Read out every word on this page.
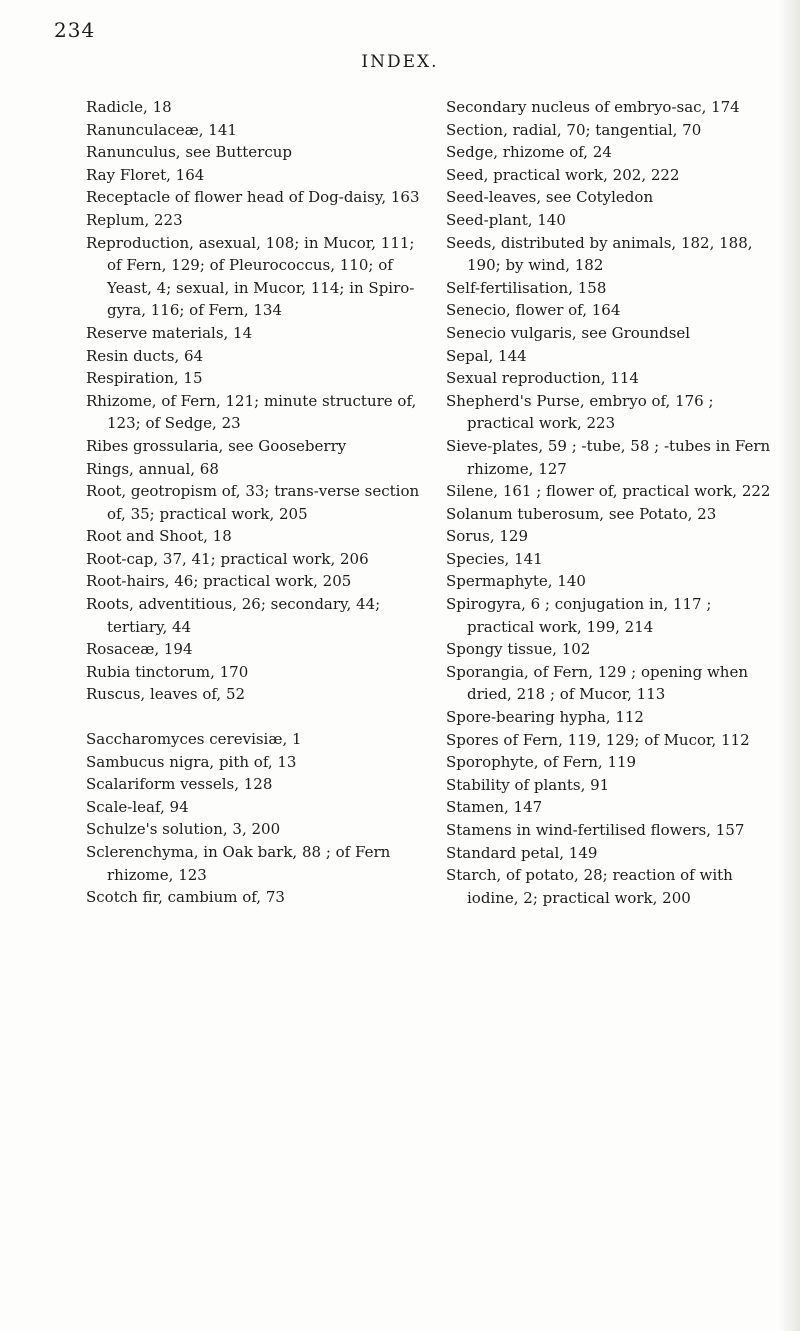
234

INDEX.
Radicle, 18
Ranunculaceæ, 141
Ranunculus, see Buttercup
Ray Floret, 164
Receptacle of flower head of Dog-daisy, 163
Replum, 223
Reproduction, asexual, 108; in Mucor, 111; of Fern, 129; of Pleurococcus, 110; of Yeast, 4; sexual, in Mucor, 114; in Spiro-gyra, 116; of Fern, 134
Reserve materials, 14
Resin ducts, 64
Respiration, 15
Rhizome, of Fern, 121; minute structure of, 123; of Sedge, 23
Ribes grossularia, see Gooseberry
Rings, annual, 68
Root, geotropism of, 33; trans-verse section of, 35; practical work, 205
Root and Shoot, 18
Root-cap, 37, 41; practical work, 206
Root-hairs, 46; practical work, 205
Roots, adventitious, 26; secondary, 44; tertiary, 44
Rosaceæ, 194
Rubia tinctorum, 170
Ruscus, leaves of, 52
Saccharomyces cerevisiæ, 1
Sambucus nigra, pith of, 13
Scalariform vessels, 128
Scale-leaf, 94
Schulze's solution, 3, 200
Sclerenchyma, in Oak bark, 88 ; of Fern rhizome, 123
Scotch fir, cambium of, 73
Secondary nucleus of embryo-sac, 174
Section, radial, 70; tangential, 70
Sedge, rhizome of, 24
Seed, practical work, 202, 222
Seed-leaves, see Cotyledon
Seed-plant, 140
Seeds, distributed by animals, 182, 188, 190; by wind, 182
Self-fertilisation, 158
Senecio, flower of, 164
Senecio vulgaris, see Groundsel
Sepal, 144
Sexual reproduction, 114
Shepherd's Purse, embryo of, 176 ; practical work, 223
Sieve-plates, 59 ; -tube, 58 ; -tubes in Fern rhizome, 127
Silene, 161 ; flower of, practical work, 222
Solanum tuberosum, see Potato, 23
Sorus, 129
Species, 141
Spermaphyte, 140
Spirogyra, 6 ; conjugation in, 117 ; practical work, 199, 214
Spongy tissue, 102
Sporangia, of Fern, 129 ; opening when dried, 218 ; of Mucor, 113
Spore-bearing hypha, 112
Spores of Fern, 119, 129; of Mucor, 112
Sporophyte, of Fern, 119
Stability of plants, 91
Stamen, 147
Stamens in wind-fertilised flowers, 157
Standard petal, 149
Starch, of potato, 28; reaction of with iodine, 2; practical work, 200
